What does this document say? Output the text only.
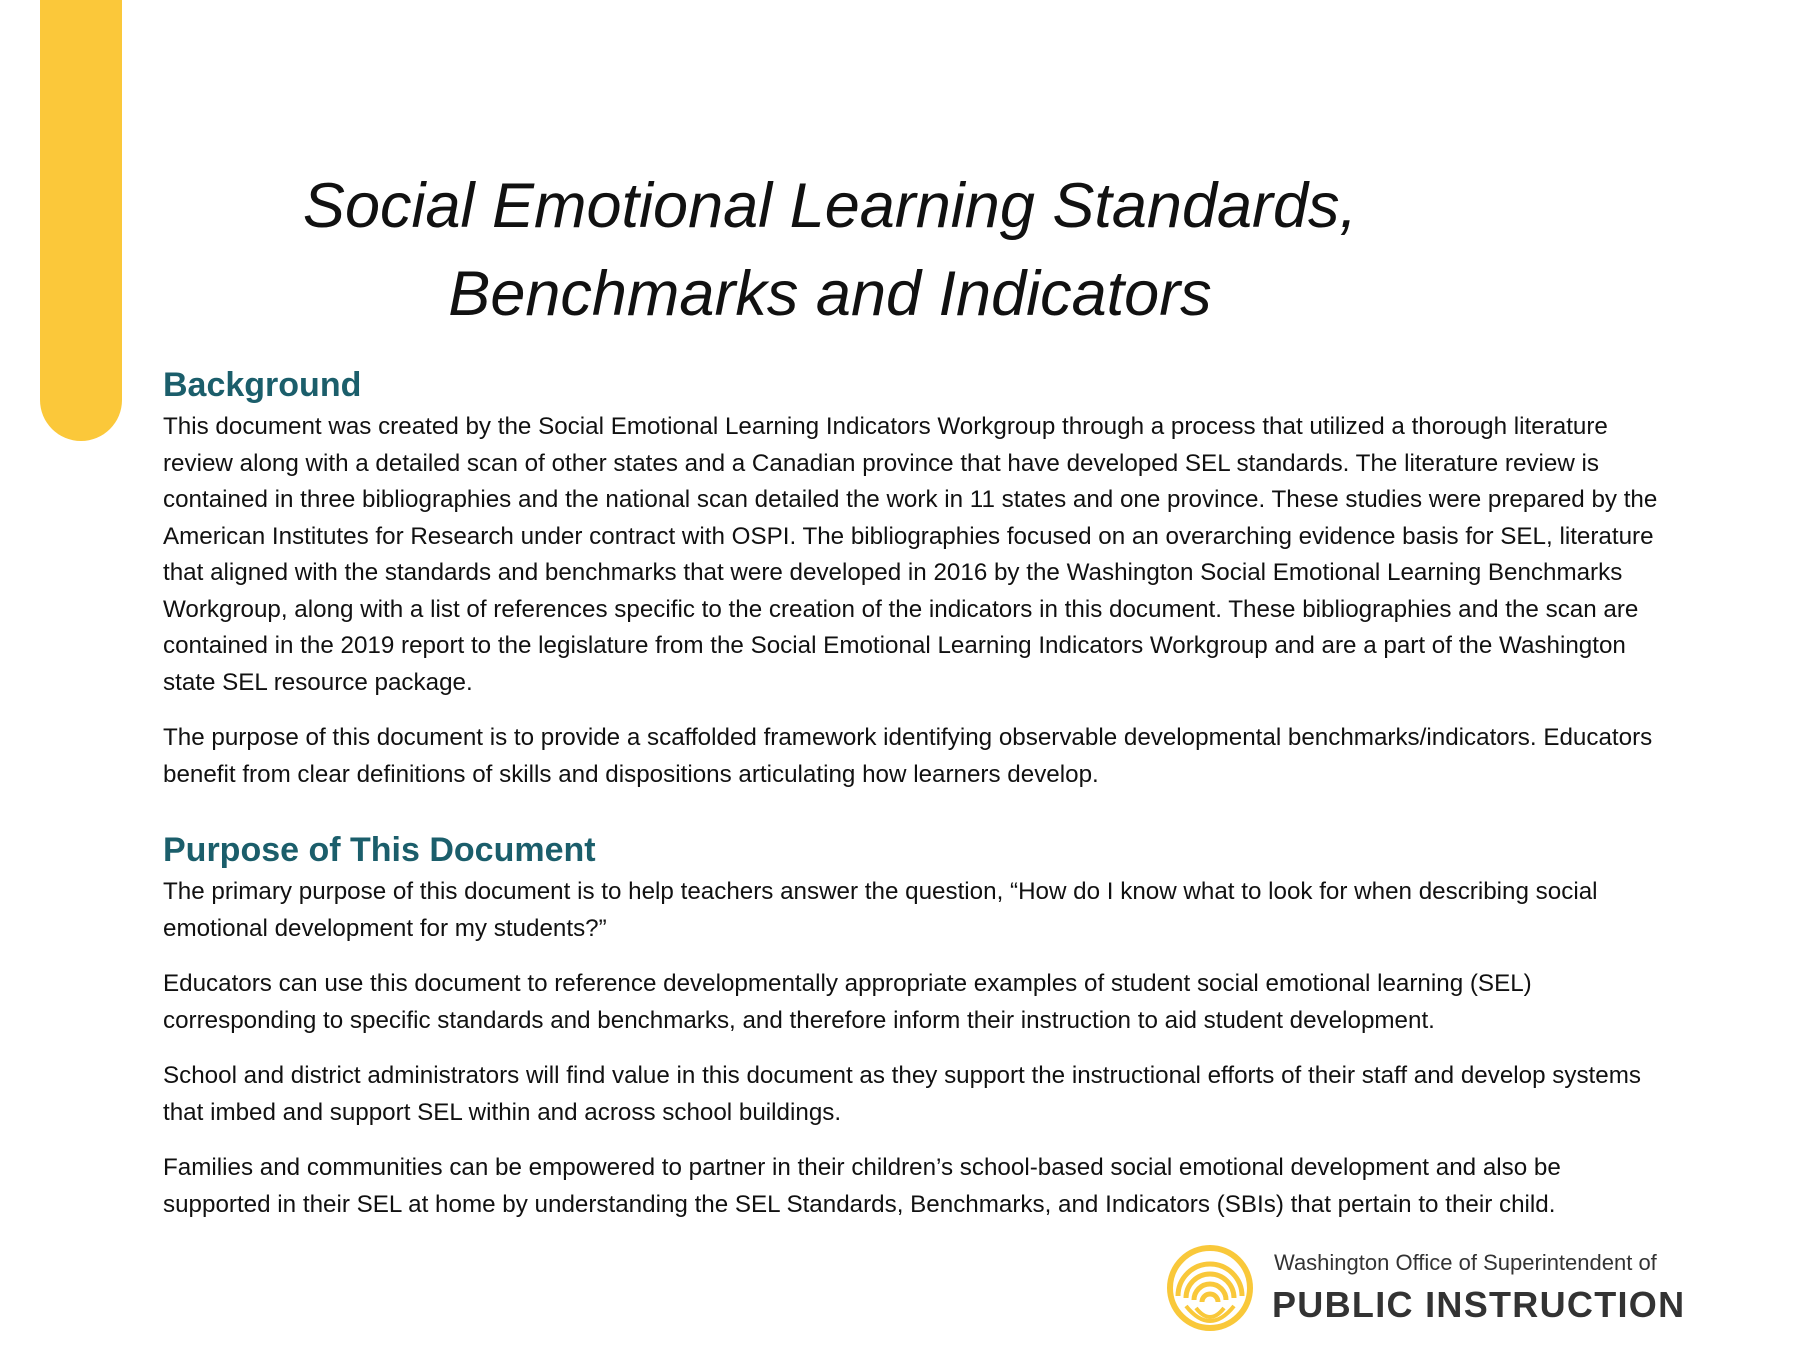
Social Emotional Learning Standards, Benchmarks and Indicators
Background

This document was created by the Social Emotional Learning Indicators Workgroup through a process that utilized a thorough literature review along with a detailed scan of other states and a Canadian province that have developed SEL standards. The literature review is contained in three bibliographies and the national scan detailed the work in 11 states and one province. These studies were prepared by the American Institutes for Research under contract with OSPI. The bibliographies focused on an overarching evidence basis for SEL, literature that aligned with the standards and benchmarks that were developed in 2016 by the Washington Social Emotional Learning Benchmarks Workgroup, along with a list of references specific to the creation of the indicators in this document. These bibliographies and the scan are contained in the 2019 report to the legislature from the Social Emotional Learning Indicators Workgroup and are a part of the Washington state SEL resource package.

The purpose of this document is to provide a scaffolded framework identifying observable developmental benchmarks/indicators. Educators benefit from clear definitions of skills and dispositions articulating how learners develop.

Purpose of This Document

The primary purpose of this document is to help teachers answer the question, “How do I know what to look for when describing social emotional development for my students?”

Educators can use this document to reference developmentally appropriate examples of student social emotional learning (SEL) corresponding to specific standards and benchmarks, and therefore inform their instruction to aid student development.

School and district administrators will find value in this document as they support the instructional efforts of their staff and develop systems that imbed and support SEL within and across school buildings.

Families and communities can be empowered to partner in their children’s school-based social emotional development and also be supported in their SEL at home by understanding the SEL Standards, Benchmarks, and Indicators (SBIs) that pertain to their child.

Washington Office of Superintendent of
PUBLIC INSTRUCTION
